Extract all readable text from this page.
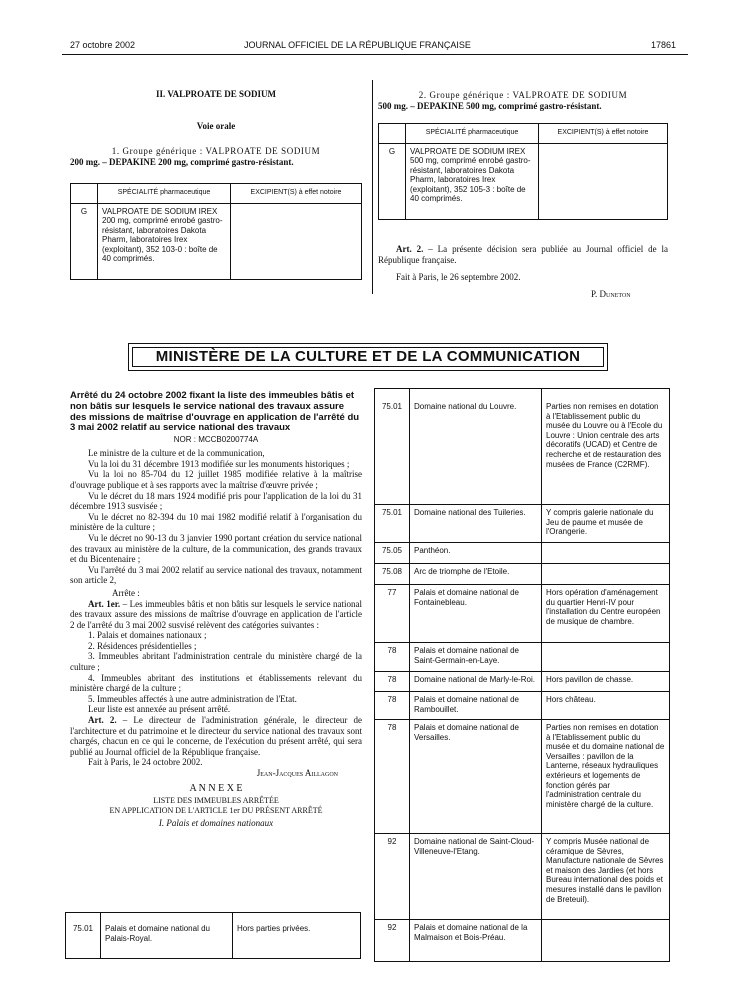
27 octobre 2002	JOURNAL OFFICIEL DE LA RÉPUBLIQUE FRANÇAISE	17861
II. VALPROATE DE SODIUM
Voie orale
1. Groupe générique : VALPROATE DE SODIUM
200 mg. – DEPAKINE 200 mg, comprimé gastro-résistant.
	SPÉCIALITÉ pharmaceutique	EXCIPIENT(S) à effet notoire
G	VALPROATE DE SODIUM IREX 200 mg, comprimé enrobé gastro-résistant, laboratoires Dakota Pharm, laboratoires Irex (exploitant), 352 103-0 : boîte de 40 comprimés.	
2. Groupe générique : VALPROATE DE SODIUM
500 mg. – DEPAKINE 500 mg, comprimé gastro-résistant.
	SPÉCIALITÉ pharmaceutique	EXCIPIENT(S) à effet notoire
G	VALPROATE DE SODIUM IREX 500 mg, comprimé enrobé gastro-résistant, laboratoires Dakota Pharm, laboratoires Irex (exploitant), 352 105-3 : boîte de 40 comprimés.	
Art. 2. – La présente décision sera publiée au Journal officiel de la République française.
Fait à Paris, le 26 septembre 2002.
P. Duneton
MINISTÈRE DE LA CULTURE ET DE LA COMMUNICATION
Arrêté du 24 octobre 2002 fixant la liste des immeubles bâtis et non bâtis sur lesquels le service national des travaux assure des missions de maîtrise d'ouvrage en application de l'arrêté du 3 mai 2002 relatif au service national des travaux
NOR : MCCB0200774A

Le ministre de la culture et de la communication,

Vu la loi du 31 décembre 1913 modifiée sur les monuments historiques ;

Vu la loi no 85-704 du 12 juillet 1985 modifiée relative à la maîtrise d'ouvrage publique et à ses rapports avec la maîtrise d'œuvre privée ;

Vu le décret du 18 mars 1924 modifié pris pour l'application de la loi du 31 décembre 1913 susvisée ;

Vu le décret no 82-394 du 10 mai 1982 modifié relatif à l'organisation du ministère de la culture ;

Vu le décret no 90-13 du 3 janvier 1990 portant création du service national des travaux au ministère de la culture, de la communication, des grands travaux et du Bicentenaire ;

Vu l'arrêté du 3 mai 2002 relatif au service national des travaux, notamment son article 2,

Arrête :

Art. 1er. – Les immeubles bâtis et non bâtis sur lesquels le service national des travaux assure des missions de maîtrise d'ouvrage en application de l'article 2 de l'arrêté du 3 mai 2002 susvisé relèvent des catégories suivantes :

1. Palais et domaines nationaux ;

2. Résidences présidentielles ;

3. Immeubles abritant l'administration centrale du ministère chargé de la culture ;

4. Immeubles abritant des institutions et établissements relevant du ministère chargé de la culture ;

5. Immeubles affectés à une autre administration de l'Etat.

Leur liste est annexée au présent arrêté.

Art. 2. – Le directeur de l'administration générale, le directeur de l'architecture et du patrimoine et le directeur du service national des travaux sont chargés, chacun en ce qui le concerne, de l'exécution du présent arrêté, qui sera publié au Journal officiel de la République française.

Fait à Paris, le 24 octobre 2002.

Jean-Jacques Aillagon

A N N E X E

LISTE DES IMMEUBLES ARRÊTÉE

EN APPLICATION DE L'ARTICLE 1er DU PRÉSENT ARRÊTÉ

I. Palais et domaines nationaux

75.01	Palais et domaine national du Palais-Royal.	Hors parties privées.
75.01	Domaine national du Louvre.	Parties non remises en dotation à l'Etablissement public du musée du Louvre ou à l'Ecole du Louvre : Union centrale des arts décoratifs (UCAD) et Centre de recherche et de restauration des musées de France (C2RMF).
75.01	Domaine national des Tuileries.	Y compris galerie nationale du Jeu de paume et musée de l'Orangerie.
75.05	Panthéon.	
75.08	Arc de triomphe de l'Etoile.	
77	Palais et domaine national de Fontainebleau.	Hors opération d'aménagement du quartier Henri-IV pour l'installation du Centre européen de musique de chambre.
78	Palais et domaine national de Saint-Germain-en-Laye.	
78	Domaine national de Marly-le-Roi.	Hors pavillon de chasse.
78	Palais et domaine national de Rambouillet.	Hors château.
78	Palais et domaine national de Versailles.	Parties non remises en dotation à l'Etablissement public du musée et du domaine national de Versailles : pavillon de la Lanterne, réseaux hydrauliques extérieurs et logements de fonction gérés par l'administration centrale du ministère chargé de la culture.
92	Domaine national de Saint-Cloud-Villeneuve-l'Etang.	Y compris Musée national de céramique de Sèvres, Manufacture nationale de Sèvres et maison des Jardies (et hors Bureau international des poids et mesures installé dans le pavillon de Breteuil).
92	Palais et domaine national de la Malmaison et Bois-Préau.	
